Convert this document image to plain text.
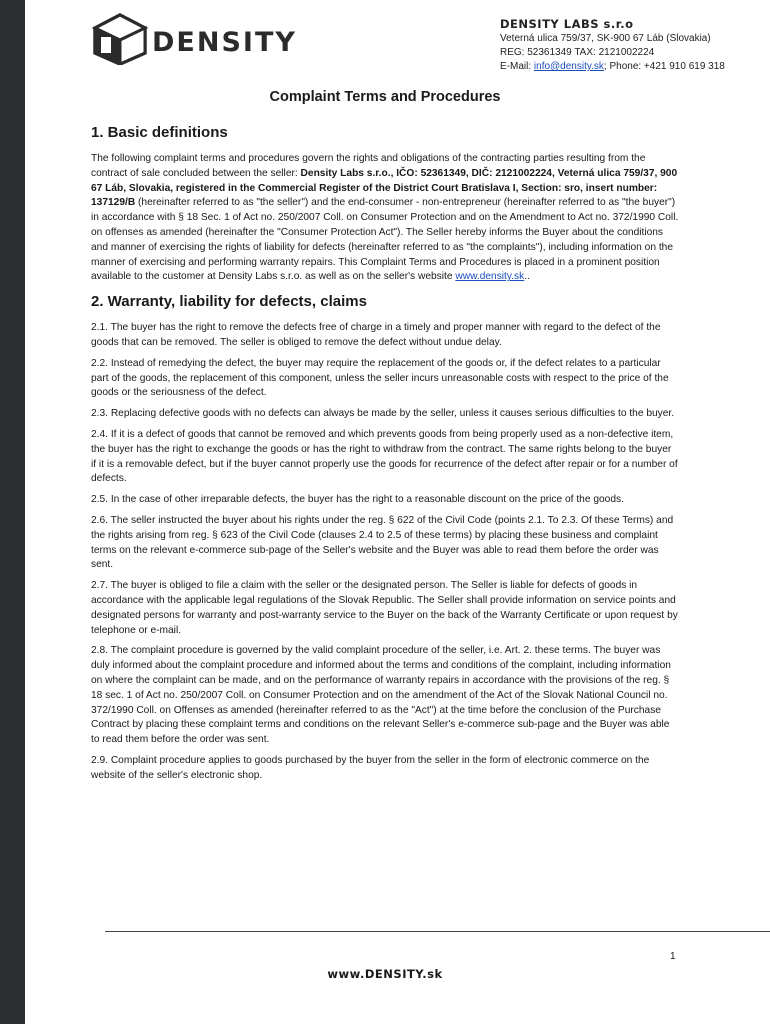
DENSITY
DENSITY LABS s.r.o
Veterná ulica 759/37, SK-900 67 Láb (Slovakia)
REG: 52361349 TAX: 2121002224
E-Mail: info@density.sk; Phone: +421 910 619 318
Complaint Terms and Procedures
1. Basic definitions

The following complaint terms and procedures govern the rights and obligations of the contracting parties resulting from the contract of sale concluded between the seller: Density Labs s.r.o., IČO: 52361349, DIČ: 2121002224, Veterná ulica 759/37, 900 67 Láb, Slovakia, registered in the Commercial Register of the District Court Bratislava I, Section: sro, insert number: 137129/B (hereinafter referred to as "the seller") and the end-consumer - non-entrepreneur (hereinafter referred to as "the buyer") in accordance with § 18 Sec. 1 of Act no. 250/2007 Coll. on Consumer Protection and on the Amendment to Act no. 372/1990 Coll. on offenses as amended (hereinafter the "Consumer Protection Act"). The Seller hereby informs the Buyer about the conditions and manner of exercising the rights of liability for defects (hereinafter referred to as "the complaints"), including information on the manner of exercising and performing warranty repairs. This Complaint Terms and Procedures is placed in a prominent position available to the customer at Density Labs s.r.o. as well as on the seller's website www.density.sk..

2. Warranty, liability for defects, claims

2.1. The buyer has the right to remove the defects free of charge in a timely and proper manner with regard to the defect of the goods that can be removed. The seller is obliged to remove the defect without undue delay.

2.2. Instead of remedying the defect, the buyer may require the replacement of the goods or, if the defect relates to a particular part of the goods, the replacement of this component, unless the seller incurs unreasonable costs with respect to the price of the goods or the seriousness of the defect.

2.3. Replacing defective goods with no defects can always be made by the seller, unless it causes serious difficulties to the buyer.

2.4. If it is a defect of goods that cannot be removed and which prevents goods from being properly used as a non-defective item, the buyer has the right to exchange the goods or has the right to withdraw from the contract. The same rights belong to the buyer if it is a removable defect, but if the buyer cannot properly use the goods for recurrence of the defect after repair or for a number of defects.

2.5. In the case of other irreparable defects, the buyer has the right to a reasonable discount on the price of the goods.

2.6. The seller instructed the buyer about his rights under the reg. § 622 of the Civil Code (points 2.1. To 2.3. Of these Terms) and the rights arising from reg. § 623 of the Civil Code (clauses 2.4 to 2.5 of these terms) by placing these business and complaint terms on the relevant e-commerce sub-page of the Seller's website and the Buyer was able to read them before the order was sent.

2.7. The buyer is obliged to file a claim with the seller or the designated person. The Seller is liable for defects of goods in accordance with the applicable legal regulations of the Slovak Republic. The Seller shall provide information on service points and designated persons for warranty and post-warranty service to the Buyer on the back of the Warranty Certificate or upon request by telephone or e-mail.

2.8. The complaint procedure is governed by the valid complaint procedure of the seller, i.e. Art. 2. these terms. The buyer was duly informed about the complaint procedure and informed about the terms and conditions of the complaint, including information on where the complaint can be made, and on the performance of warranty repairs in accordance with the provisions of the reg. § 18 sec. 1 of Act no. 250/2007 Coll. on Consumer Protection and on the amendment of the Act of the Slovak National Council no. 372/1990 Coll. on Offenses as amended (hereinafter referred to as the "Act") at the time before the conclusion of the Purchase Contract by placing these complaint terms and conditions on the relevant Seller's e-commerce sub-page and the Buyer was able to read them before the order was sent.

2.9. Complaint procedure applies to goods purchased by the buyer from the seller in the form of electronic commerce on the website of the seller's electronic shop.

1
www.DENSITY.sk
